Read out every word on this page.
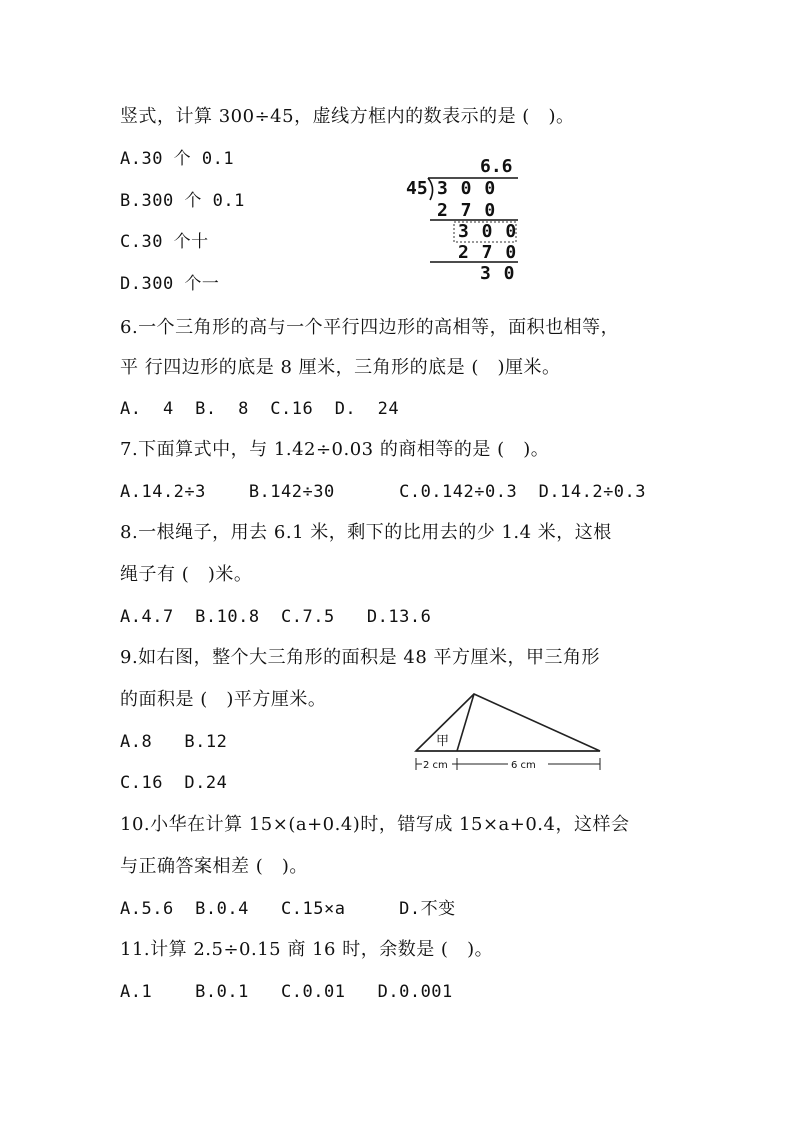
竖式，计算 300÷45，虚线方框内的数表示的是 (   )。
A.30 个 0.1
B.300 个 0.1
C.30 个十
D.300 个一
6.6
45 3 0 0
2 7 0
3 0 0
2 7 0
3 0
6.一个三角形的高与一个平行四边形的高相等，面积也相等，
平 行四边形的底是 8 厘米，三角形的底是 (   )厘米。
A.  4  B.  8  C.16  D.  24
7.下面算式中，与 1.42÷0.03 的商相等的是 (   )。
A.14.2÷3    B.142÷30      C.0.142÷0.3  D.14.2÷0.3
8.一根绳子，用去 6.1 米，剩下的比用去的少 1.4 米，这根
绳子有 (   )米。
A.4.7  B.10.8  C.7.5   D.13.6
9.如右图，整个大三角形的面积是 48 平方厘米，甲三角形
的面积是 (   )平方厘米。
A.8   B.12
C.16  D.24
甲
2 cm	6 cm
10.小华在计算 15×(a+0.4)时，错写成 15×a+0.4，这样会
与正确答案相差 (   )。
A.5.6  B.0.4   C.15×a     D.不变
11.计算 2.5÷0.15 商 16 时，余数是 (   )。
A.1    B.0.1   C.0.01   D.0.001
